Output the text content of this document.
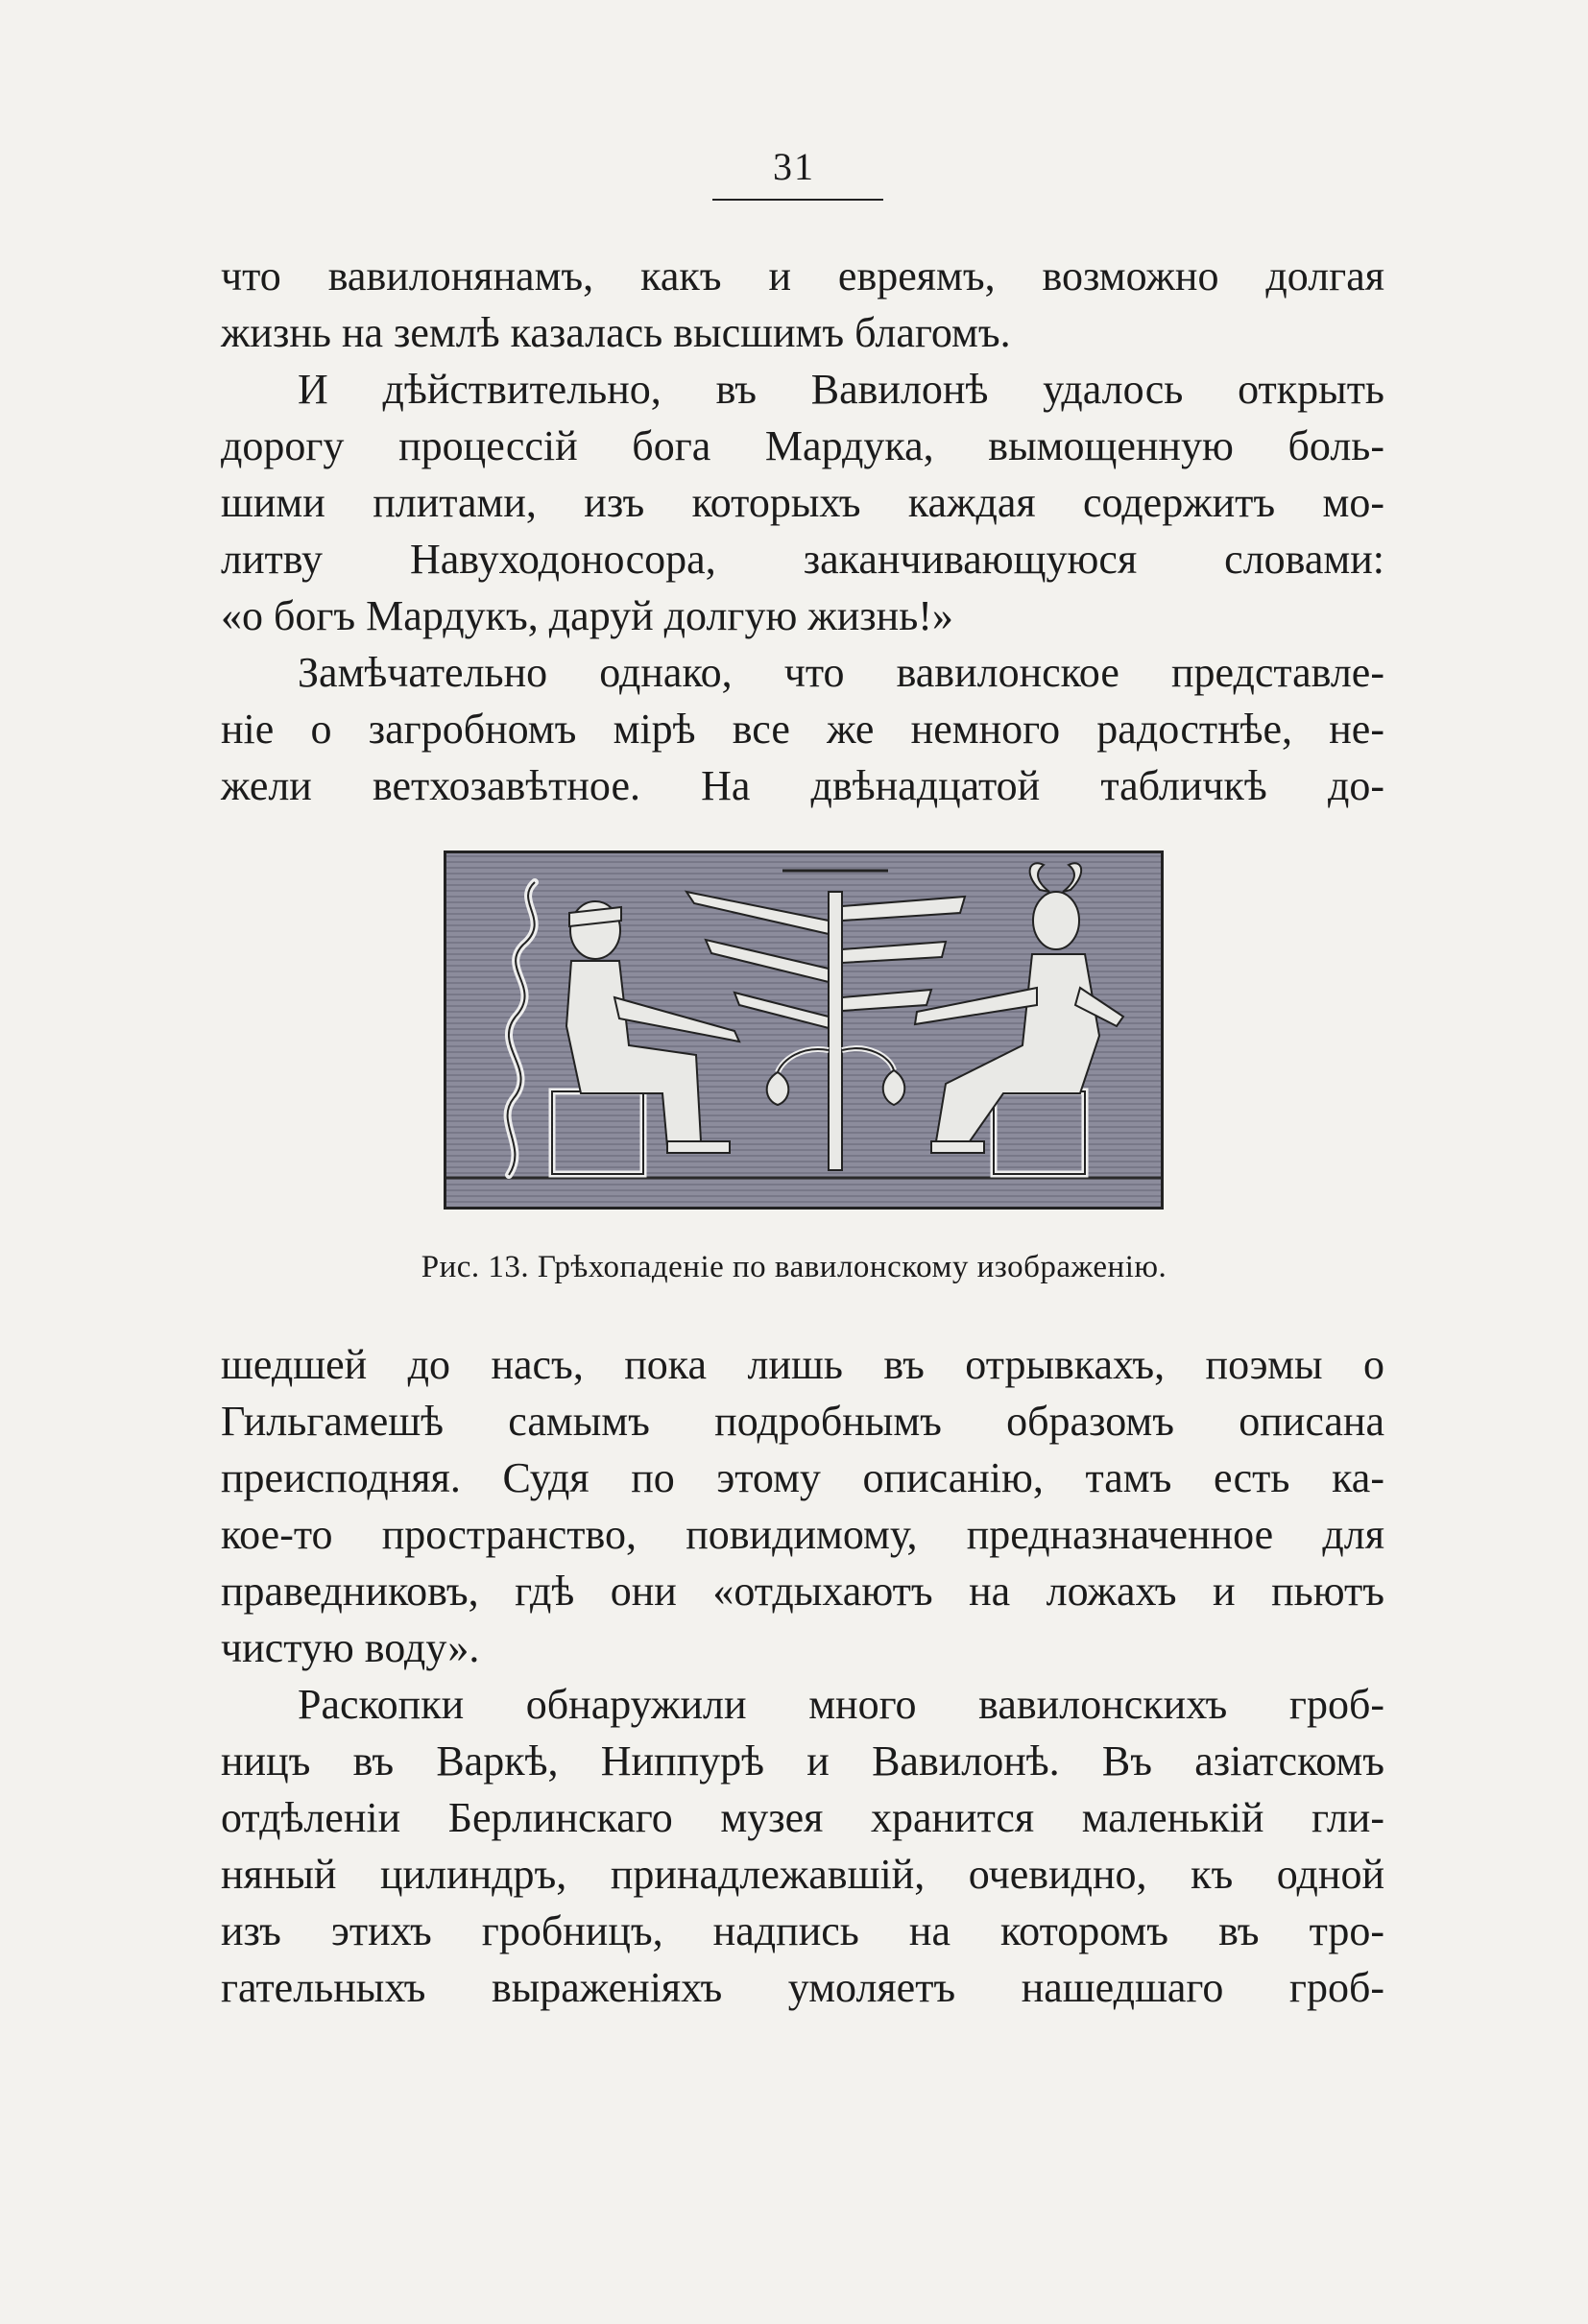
31
что вавилонянамъ, какъ и евреямъ, возможно долгая
жизнь на землѣ казалась высшимъ благомъ.
И дѣйствительно, въ Вавилонѣ удалось открыть
дорогу процессій бога Мардука, вымощенную боль-
шими плитами, изъ которыхъ каждая содержитъ мо-
литву Навуходоносора, заканчивающуюся словами:
«о богъ Мардукъ, даруй долгую жизнь!»
Замѣчательно однако, что вавилонское представле-
ніе о загробномъ мірѣ все же немного радостнѣе, не-
жели ветхозавѣтное. На двѣнадцатой табличкѣ до-
Рис. 13. Грѣхопаденіе по вавилонскому изображенію.
шедшей до насъ, пока лишь въ отрывкахъ, поэмы о
Гильгамешѣ самымъ подробнымъ образомъ описана
преисподняя. Судя по этому описанію, тамъ есть ка-
кое-то пространство, повидимому, предназначенное для
праведниковъ, гдѣ они «отдыхаютъ на ложахъ и пьютъ
чистую воду».
Раскопки обнаружили много вавилонскихъ гроб-
ницъ въ Варкѣ, Ниппурѣ и Вавилонѣ. Въ азіатскомъ
отдѣленіи Берлинскаго музея хранится маленькій гли-
няный цилиндръ, принадлежавшій, очевидно, къ одной
изъ этихъ гробницъ, надпись на которомъ въ тро-
гательныхъ выраженіяхъ умоляетъ нашедшаго гроб-
